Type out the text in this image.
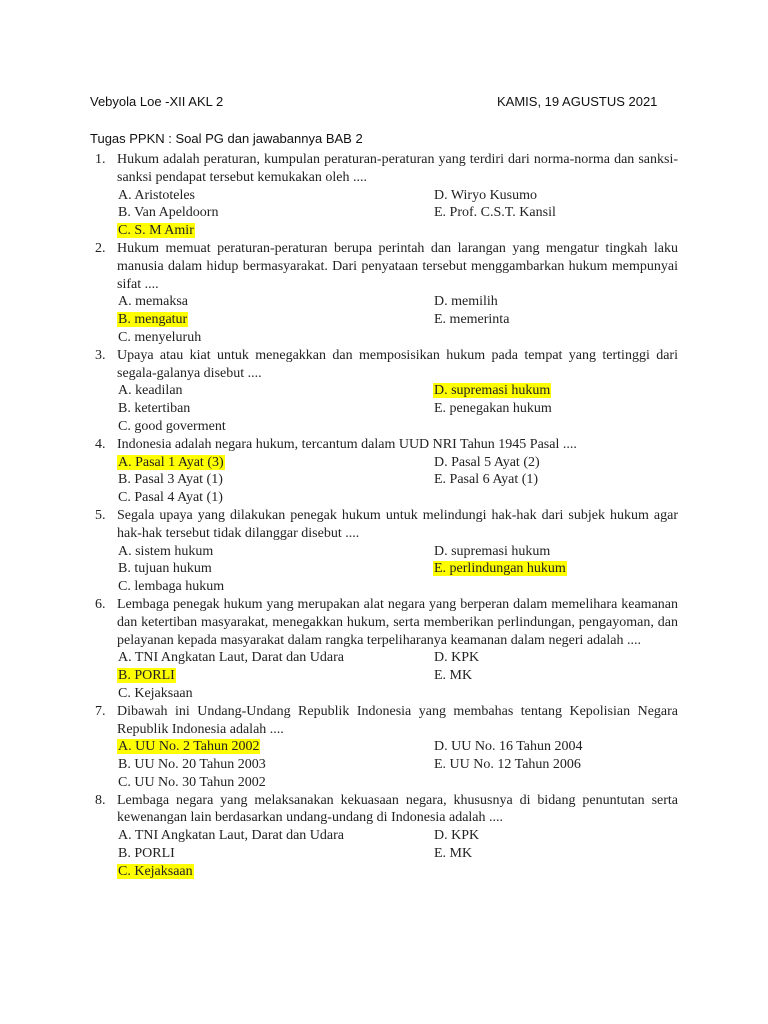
Vebyola Loe -XII AKL 2	KAMIS, 19 AGUSTUS 2021
Tugas PPKN : Soal PG dan jawabannya BAB 2
1. Hukum adalah peraturan, kumpulan peraturan-peraturan yang terdiri dari norma-norma dan sanksi-sanksi pendapat tersebut kemukakan oleh ....
A. Aristoteles	D. Wiryo Kusumo
B. Van Apeldoorn	E. Prof. C.S.T. Kansil
C. S. M Amir
2. Hukum memuat peraturan-peraturan berupa perintah dan larangan yang mengatur tingkah laku manusia dalam hidup bermasyarakat. Dari penyataan tersebut menggambarkan hukum mempunyai sifat ....
A. memaksa	D. memilih
B. mengatur	E. memerinta
C. menyeluruh
3. Upaya atau kiat untuk menegakkan dan memposisikan hukum pada tempat yang tertinggi dari segala-galanya disebut ....
A. keadilan	D. supremasi hukum
B. ketertiban	E. penegakan hukum
C. good goverment
4. Indonesia adalah negara hukum, tercantum dalam UUD NRI Tahun 1945 Pasal ....
A. Pasal 1 Ayat (3)	D. Pasal 5 Ayat (2)
B. Pasal 3 Ayat (1)	E. Pasal 6 Ayat (1)
C. Pasal 4 Ayat (1)
5. Segala upaya yang dilakukan penegak hukum untuk melindungi hak-hak dari subjek hukum agar hak-hak tersebut tidak dilanggar disebut ....
A. sistem hukum	D. supremasi hukum
B. tujuan hukum	E. perlindungan hukum
C. lembaga hukum
6. Lembaga penegak hukum yang merupakan alat negara yang berperan dalam memelihara keamanan dan ketertiban masyarakat, menegakkan hukum, serta memberikan perlindungan, pengayoman, dan pelayanan kepada masyarakat dalam rangka terpeliharanya keamanan dalam negeri adalah ....
A. TNI Angkatan Laut, Darat dan Udara	D. KPK
B. PORLI	E. MK
C. Kejaksaan
7. Dibawah ini Undang-Undang Republik Indonesia yang membahas tentang Kepolisian Negara Republik Indonesia adalah ....
A. UU No. 2 Tahun 2002	D. UU No. 16 Tahun 2004
B. UU No. 20 Tahun 2003	E. UU No. 12 Tahun 2006
C. UU No. 30 Tahun 2002
8. Lembaga negara yang melaksanakan kekuasaan negara, khususnya di bidang penuntutan serta kewenangan lain berdasarkan undang-undang di Indonesia adalah ....
A. TNI Angkatan Laut, Darat dan Udara	D. KPK
B. PORLI	E. MK
C. Kejaksaan
